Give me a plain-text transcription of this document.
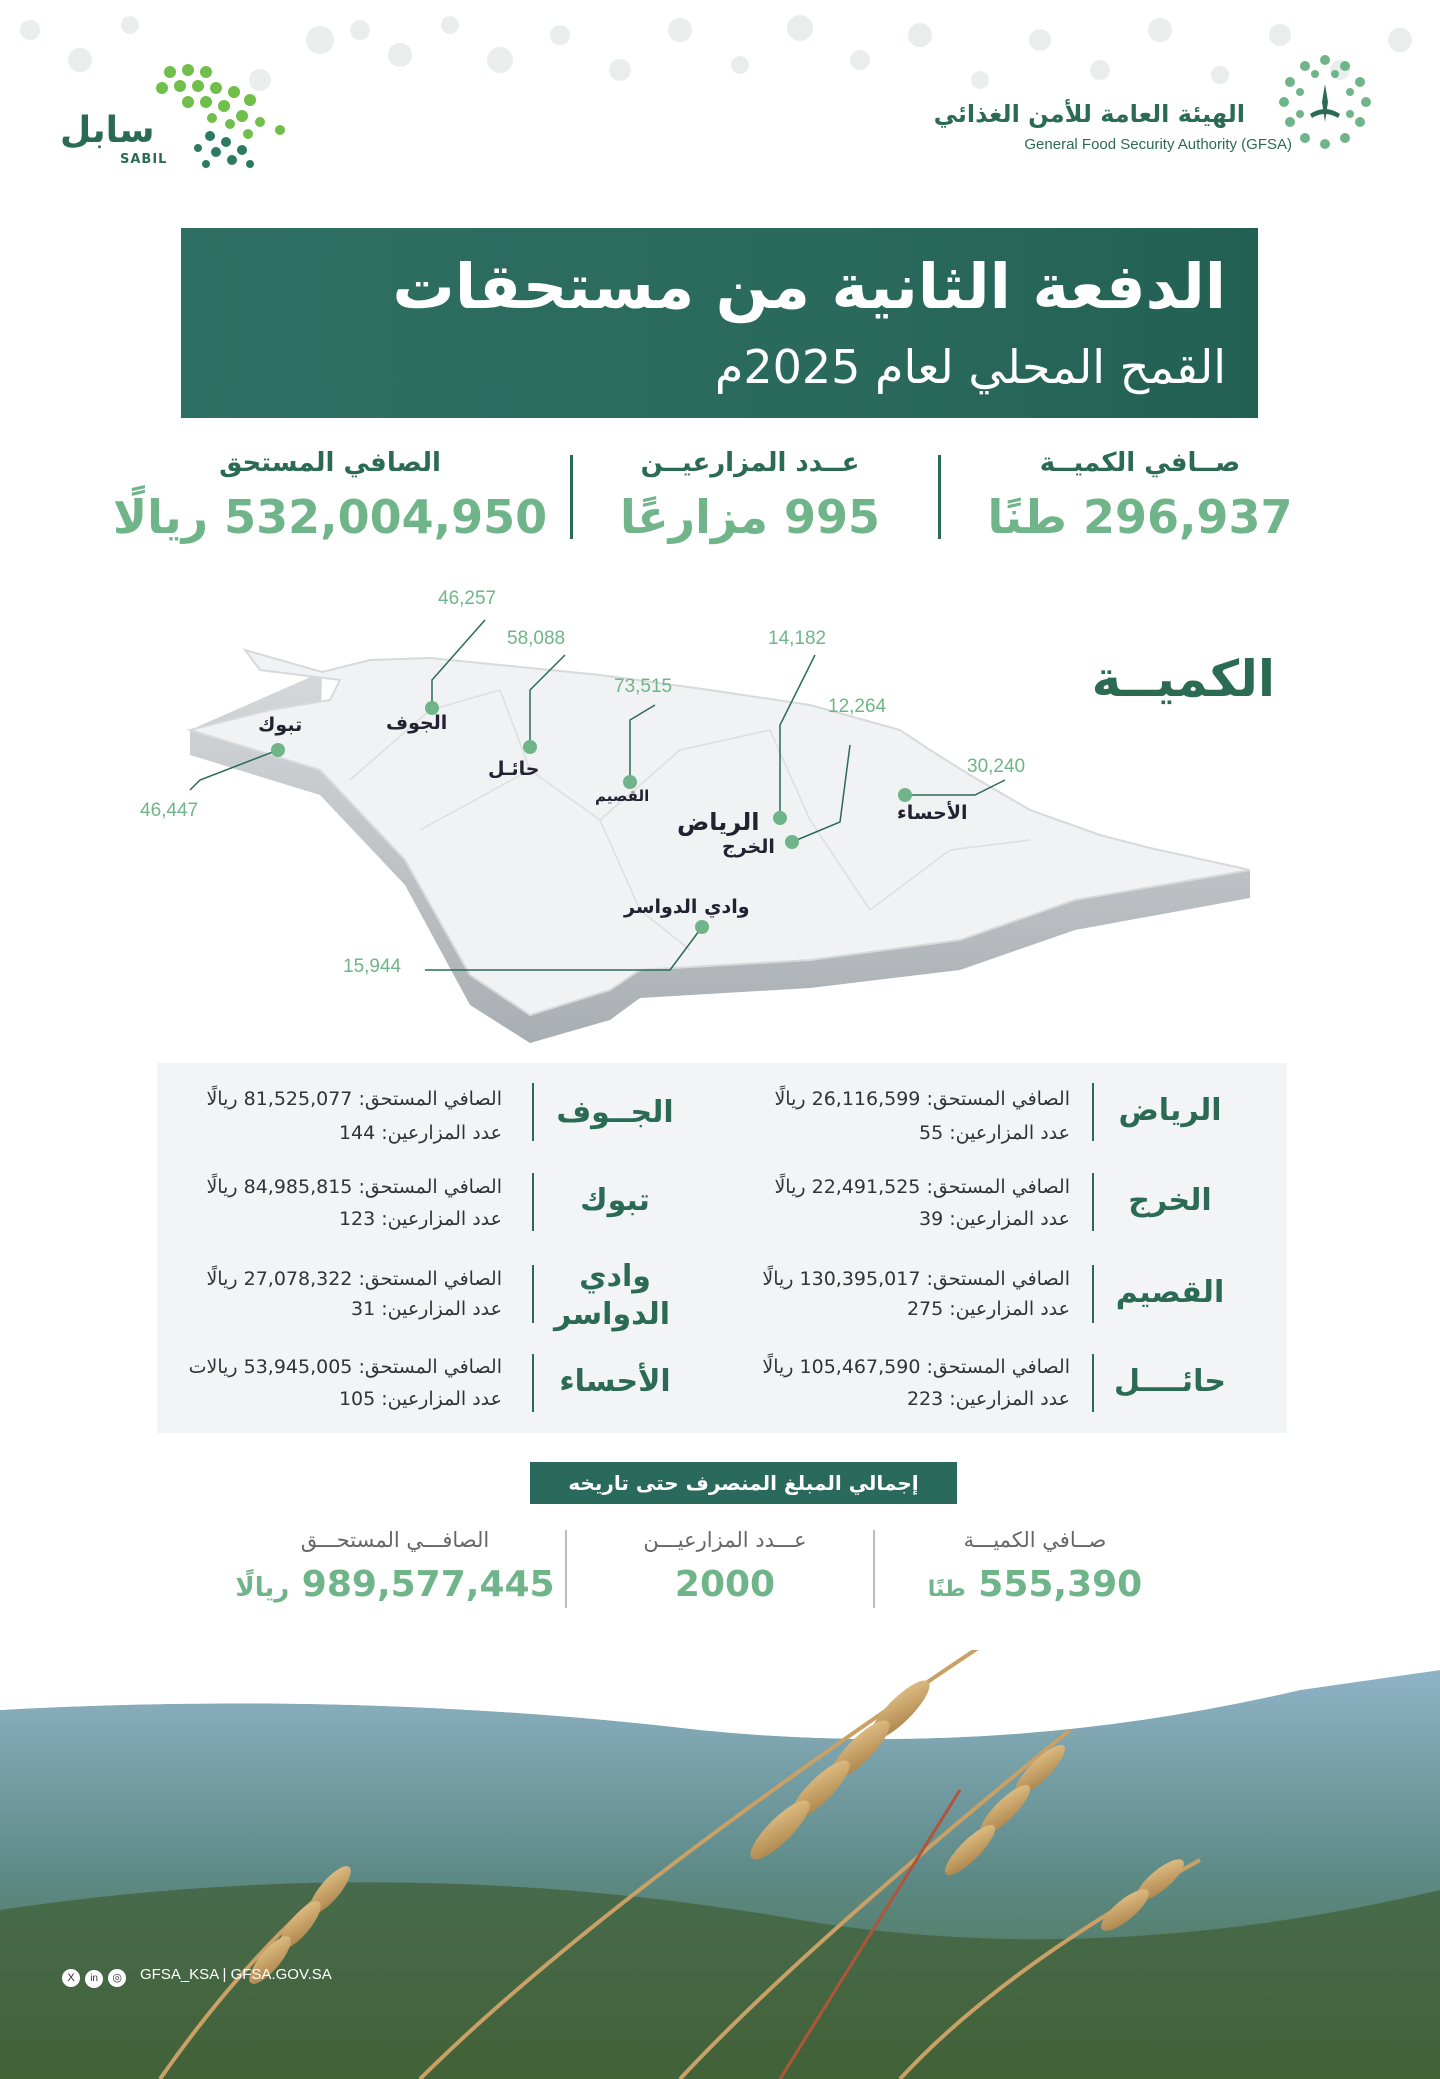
الهيئة العامة للأمن الغذائي
General Food Security Authority (GFSA)
سابل
SABIL
الدفعة الثانية من مستحقات
القمح المحلي لعام 2025م
صــافي الكميــة
296,937 طنًا
عــدد المزارعيــن
995 مزارعًا
الصافي المستحق
532,004,950 ريالًا
الكميــة
الجوف
46,257
حائـل
58,088
القصيم
73,515
الرياض
14,182
الخرج
12,264
الأحساء
30,240
تبوك
46,447
وادي الدواسر
15,944
الرياض
الصافي المستحق: 26,116,599 ريالًا
عدد المزارعين: 55
الخرج
الصافي المستحق: 22,491,525 ريالًا
عدد المزارعين: 39
القصيم
الصافي المستحق: 130,395,017 ريالًا
عدد المزارعين: 275
حائــــل
الصافي المستحق: 105,467,590 ريالًا
عدد المزارعين: 223
الجــوف
الصافي المستحق: 81,525,077 ريالًا
عدد المزارعين: 144
تبوك
الصافي المستحق: 84,985,815 ريالًا
عدد المزارعين: 123
وادي الدواسر
الصافي المستحق: 27,078,322 ريالًا
عدد المزارعين: 31
الأحساء
الصافي المستحق: 53,945,005 ريالات
عدد المزارعين: 105
إجمالي المبلغ المنصرف حتى تاريخه
صــافي الكميـــة
555,390 طنًا
عـــدد المزارعيـــن
2000
الصافـــي المستحـــق
989,577,445 ريالًا
X in ◎ GFSA_KSA | GFSA.GOV.SA
